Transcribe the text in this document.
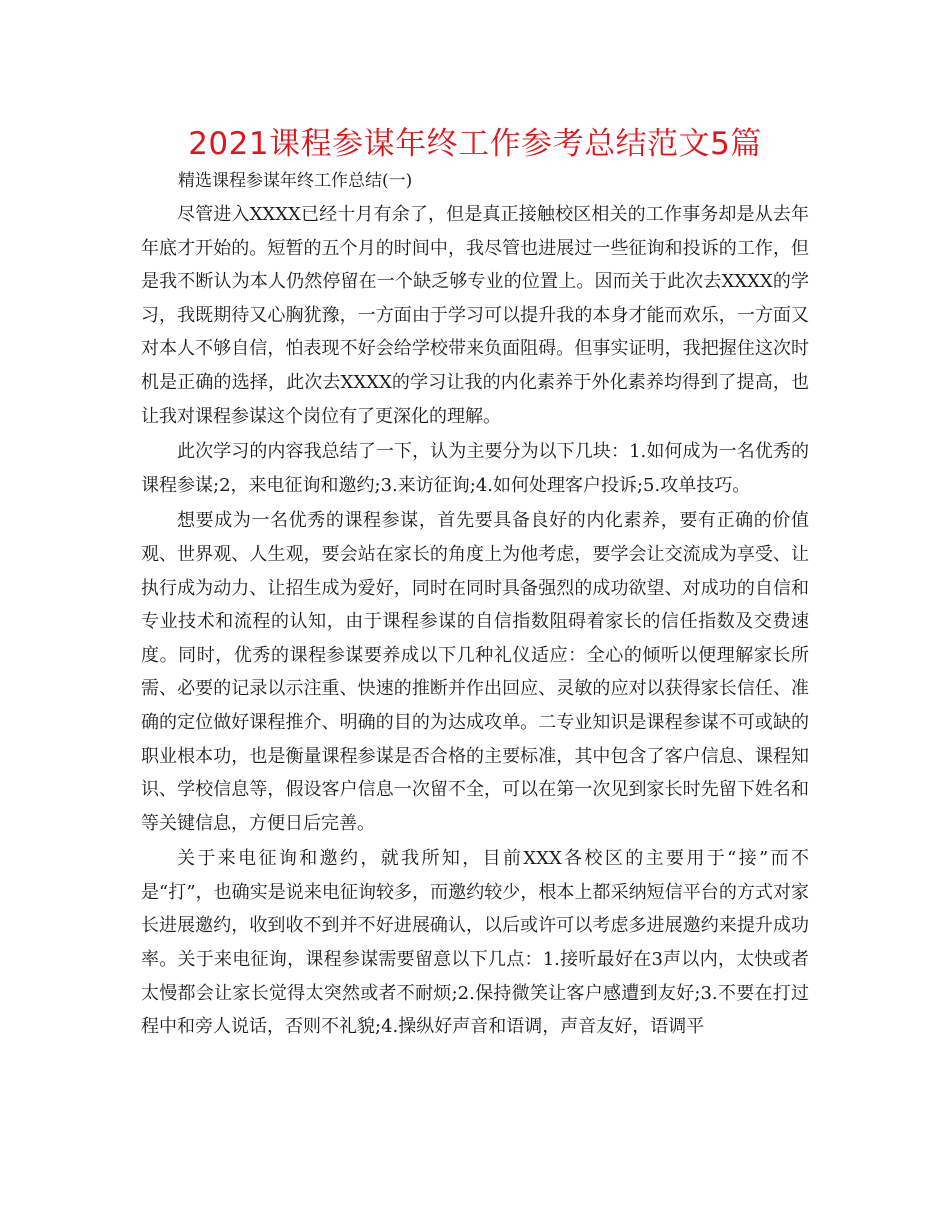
2021课程参谋年终工作参考总结范文5篇
精选课程参谋年终工作总结(一)

尽管进入XXXX已经十月有余了，但是真正接触校区相关的工作事务却是从去年年底才开始的。短暂的五个月的时间中，我尽管也进展过一些征询和投诉的工作，但是我不断认为本人仍然停留在一个缺乏够专业的位置上。因而关于此次去XXXX的学习，我既期待又心胸犹豫，一方面由于学习可以提升我的本身才能而欢乐，一方面又对本人不够自信，怕表现不好会给学校带来负面阻碍。但事实证明，我把握住这次时机是正确的选择，此次去XXXX的学习让我的内化素养于外化素养均得到了提高，也让我对课程参谋这个岗位有了更深化的理解。

此次学习的内容我总结了一下，认为主要分为以下几块：1.如何成为一名优秀的课程参谋;2，来电征询和邀约;3.来访征询;4.如何处理客户投诉;5.攻单技巧。

想要成为一名优秀的课程参谋，首先要具备良好的内化素养，要有正确的价值观、世界观、人生观，要会站在家长的角度上为他考虑，要学会让交流成为享受、让执行成为动力、让招生成为爱好，同时在同时具备强烈的成功欲望、对成功的自信和专业技术和流程的认知，由于课程参谋的自信指数阻碍着家长的信任指数及交费速度。同时，优秀的课程参谋要养成以下几种礼仪适应：全心的倾听以便理解家长所需、必要的记录以示注重、快速的推断并作出回应、灵敏的应对以获得家长信任、准确的定位做好课程推介、明确的目的为达成攻单。二专业知识是课程参谋不可或缺的职业根本功，也是衡量课程参谋是否合格的主要标准，其中包含了客户信息、课程知识、学校信息等，假设客户信息一次留不全，可以在第一次见到家长时先留下姓名和等关键信息，方便日后完善。

关于来电征询和邀约，就我所知，目前XXX各校区的主要用于“接”而不是“打”，也确实是说来电征询较多，而邀约较少，根本上都采纳短信平台的方式对家长进展邀约，收到收不到并不好进展确认，以后或许可以考虑多进展邀约来提升成功率。关于来电征询，课程参谋需要留意以下几点：1.接听最好在3声以内，太快或者太慢都会让家长觉得太突然或者不耐烦;2.保持微笑让客户感遭到友好;3.不要在打过程中和旁人说话，否则不礼貌;4.操纵好声音和语调，声音友好，语调平
